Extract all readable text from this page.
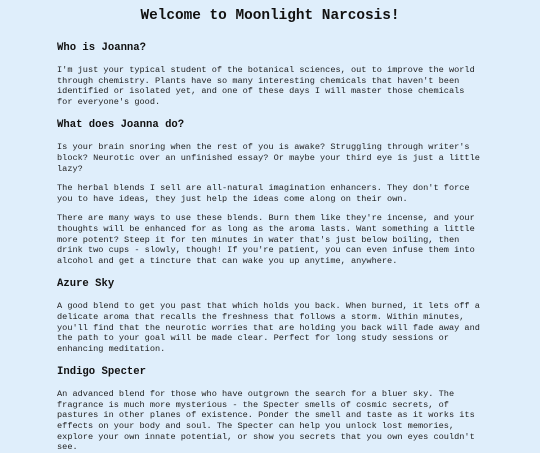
Welcome to Moonlight Narcosis!
Who is Joanna?

I'm just your typical student of the botanical sciences, out to improve the world through chemistry. Plants have so many interesting chemicals that haven't been identified or isolated yet, and one of these days I will master those chemicals for everyone's good.

What does Joanna do?

Is your brain snoring when the rest of you is awake? Struggling through writer's block? Neurotic over an unfinished essay? Or maybe your third eye is just a little lazy?

The herbal blends I sell are all-natural imagination enhancers. They don't force you to have ideas, they just help the ideas come along on their own.

There are many ways to use these blends. Burn them like they're incense, and your thoughts will be enhanced for as long as the aroma lasts. Want something a little more potent? Steep it for ten minutes in water that's just below boiling, then drink two cups - slowly, though! If you're patient, you can even infuse them into alcohol and get a tincture that can wake you up anytime, anywhere.

Azure Sky

A good blend to get you past that which holds you back. When burned, it lets off a delicate aroma that recalls the freshness that follows a storm. Within minutes, you'll find that the neurotic worries that are holding you back will fade away and the path to your goal will be made clear. Perfect for long study sessions or enhancing meditation.

Indigo Specter

An advanced blend for those who have outgrown the search for a bluer sky. The fragrance is much more mysterious - the Specter smells of cosmic secrets, of pastures in other planes of existence. Ponder the smell and taste as it works its effects on your body and soul. The Specter can help you unlock lost memories, explore your own innate potential, or show you secrets that you own eyes couldn't see.
